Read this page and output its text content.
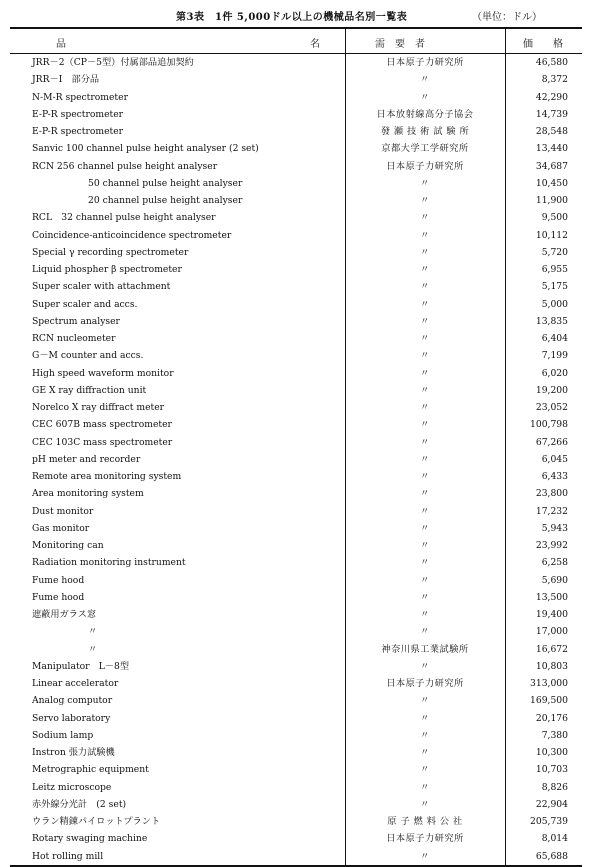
第3表　1件 5,000ドル以上の機械品名別一覧表	（単位：ドル）
品	名	需　要　者	価　　格
JRR－2（CP－5型）付属部品追加契約	日本原子力研究所	46,580
JRR－I　部分品	〃	8,372
N-M-R spectrometer	〃	42,290
E-P-R spectrometer	日本放射線高分子協会	14,739
E-P-R spectrometer	發 瀬 技 術 試 験 所	28,548
Sanvic 100 channel pulse height analyser (2 set)	京都大学工学研究所	13,440
RCN 256 channel pulse height analyser	日本原子力研究所	34,687
50 channel pulse height analyser	〃	10,450
20 channel pulse height analyser	〃	11,900
RCL　32 channel pulse height analyser	〃	9,500
Coincidence-anticoincidence spectrometer	〃	10,112
Special γ recording spectrometer	〃	5,720
Liquid phospher β spectrometer	〃	6,955
Super scaler with attachment	〃	5,175
Super scaler and accs.	〃	5,000
Spectrum analyser	〃	13,835
RCN nucleometer	〃	6,404
G－M counter and accs.	〃	7,199
High speed waveform monitor	〃	6,020
GE X ray diffraction unit	〃	19,200
Norelco X ray diffract meter	〃	23,052
CEC 607B mass spectrometer	〃	100,798
CEC 103C mass spectrometer	〃	67,266
pH meter and recorder	〃	6,045
Remote area monitoring system	〃	6,433
Area monitoring system	〃	23,800
Dust monitor	〃	17,232
Gas monitor	〃	5,943
Monitoring can	〃	23,992
Radiation monitoring instrument	〃	6,258
Fume hood	〃	5,690
Fume hood	〃	13,500
遮蔽用ガラス窓	〃	19,400
〃	〃	17,000
〃	神奈川県工業試験所	16,672
Manipulator　L－8型	〃	10,803
Linear accelerator	日本原子力研究所	313,000
Analog computor	〃	169,500
Servo laboratory	〃	20,176
Sodium lamp	〃	7,380
Instron 張力試験機	〃	10,300
Metrographic equipment	〃	10,703
Leitz microscope	〃	8,826
赤外線分光計　(2 set)	〃	22,904
ウラン精錬パイロットプラント	原 子 燃 料 公 社	205,739
Rotary swaging machine	日本原子力研究所	8,014
Hot rolling mill	〃	65,688
